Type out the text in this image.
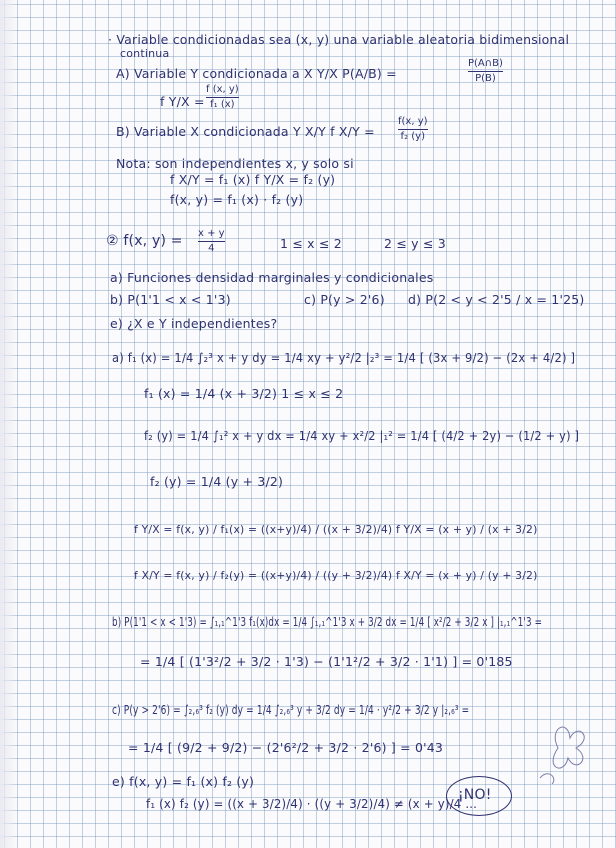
· Variable condicionadas sea (x, y) una variable aleatoria bidimensional
continua
A) Variable Y condicionada a X Y/X P(A/B) =
P(A∩B)
P(B)
f Y/X =
f (x, y)
f₁ (x)
B) Variable X condicionada Y X/Y f X/Y =
f(x, y)
f₂ (y)
Nota: son independientes x, y solo si
f X/Y = f₁ (x) f Y/X = f₂ (y)
f(x, y) = f₁ (x) · f₂ (y)
② f(x, y) = x + y
4	1 ≤ x ≤ 2	2 ≤ y ≤ 3
a) Funciones densidad marginales y condicionales
b) P(1'1 < x < 1'3)	c) P(y > 2'6) d) P(2 < y < 2'5 / x = 1'25)
e) ¿X e Y independientes?
a) f₁ (x) = 1/4 ∫₂³ x + y dy = 1/4 xy + y²/2 |₂³ = 1/4 [ (3x + 9/2) − (2x + 4/2) ]
f₁ (x) = 1/4 (x + 3/2) 1 ≤ x ≤ 2
f₂ (y) = 1/4 ∫₁² x + y dx = 1/4 xy + x²/2 |₁² = 1/4 [ (4/2 + 2y) − (1/2 + y) ]
f₂ (y) = 1/4 (y + 3/2)
f Y/X = f(x, y) / f₁(x) = ((x+y)/4) / ((x + 3/2)/4) f Y/X = (x + y) / (x + 3/2)
f X/Y = f(x, y) / f₂(y) = ((x+y)/4) / ((y + 3/2)/4) f X/Y = (x + y) / (y + 3/2)
b) P(1'1 < x < 1'3) = ∫₁,₁^1'3 f₁(x)dx = 1/4 ∫₁,₁^1'3 x + 3/2 dx = 1/4 [ x²/2 + 3/2 x ] |₁,₁^1'3 =
= 1/4 [ (1'3²/2 + 3/2 · 1'3) − (1'1²/2 + 3/2 · 1'1) ] = 0'185
c) P(y > 2'6) = ∫₂,₆³ f₂ (y) dy = 1/4 ∫₂,₆³ y + 3/2 dy = 1/4 · y²/2 + 3/2 y |₂,₆³ =
= 1/4 [ (9/2 + 9/2) − (2'6²/2 + 3/2 · 2'6) ] = 0'43
e) f(x, y) = f₁ (x) f₂ (y)
f₁ (x) f₂ (y) = ((x + 3/2)/4) · ((y + 3/2)/4) ≠ (x + y)/4 ...
¡NO!
